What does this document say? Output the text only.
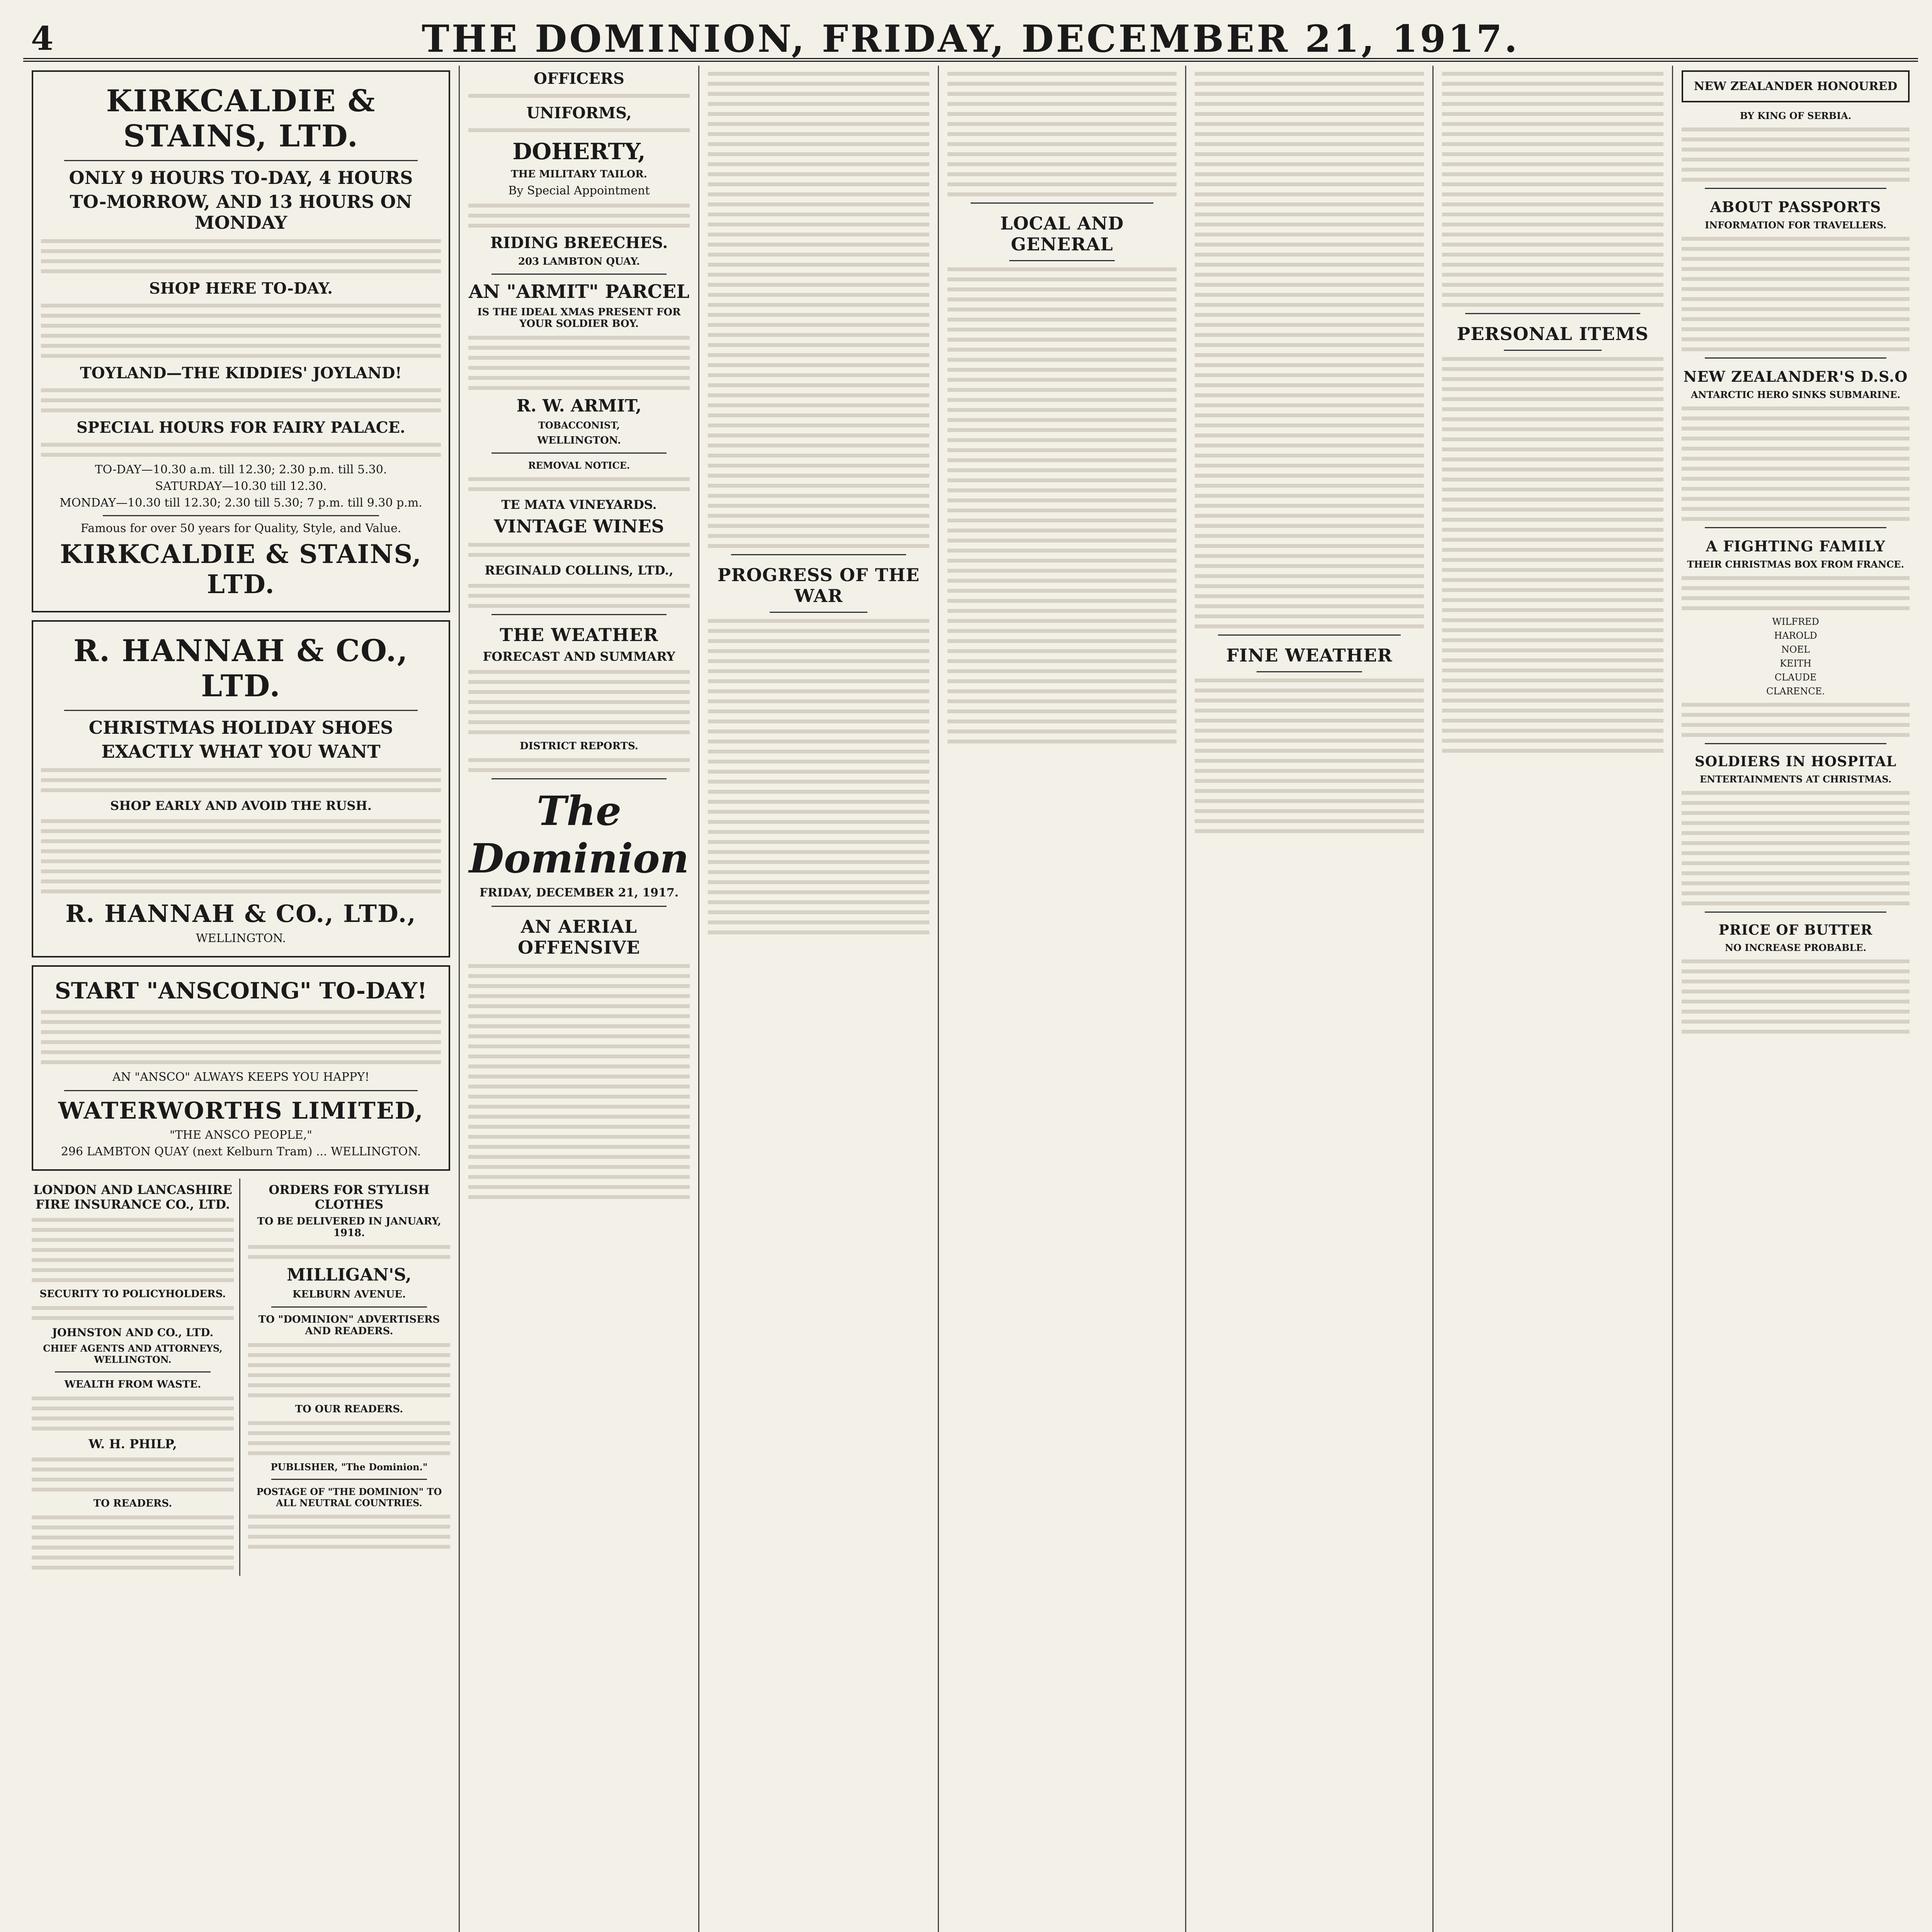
4	THE DOMINION, FRIDAY, DECEMBER 21, 1917.
KIRKCALDIE & STAINS, LTD.
ONLY 9 HOURS TO-DAY, 4 HOURS
TO-MORROW, AND 13 HOURS ON MONDAY
SHOP HERE TO-DAY.
TOYLAND—THE KIDDIES' JOYLAND!
SPECIAL HOURS FOR FAIRY PALACE.
TO-DAY—10.30 a.m. till 12.30; 2.30 p.m. till 5.30.
SATURDAY—10.30 till 12.30.
MONDAY—10.30 till 12.30; 2.30 till 5.30; 7 p.m. till 9.30 p.m.
Famous for over 50 years for Quality, Style, and Value.
KIRKCALDIE & STAINS, LTD.
R. HANNAH & CO., LTD.
CHRISTMAS HOLIDAY SHOES
EXACTLY WHAT YOU WANT
SHOP EARLY AND AVOID THE RUSH.
R. HANNAH & CO., LTD.,
WELLINGTON.
START "ANSCOING" TO-DAY!
AN "ANSCO" ALWAYS KEEPS YOU HAPPY!
WATERWORTHS LIMITED,
"THE ANSCO PEOPLE,"
296 LAMBTON QUAY (next Kelburn Tram) ... WELLINGTON.
LONDON AND LANCASHIRE FIRE INSURANCE CO., LTD.
SECURITY TO POLICYHOLDERS.
JOHNSTON AND CO., LTD.
CHIEF AGENTS AND ATTORNEYS, WELLINGTON.
WEALTH FROM WASTE.
W. H. PHILP,
TO READERS.
ORDERS FOR STYLISH CLOTHES
TO BE DELIVERED IN JANUARY, 1918.
MILLIGAN'S,
KELBURN AVENUE.
TO "DOMINION" ADVERTISERS AND READERS.
TO OUR READERS.
PUBLISHER, "The Dominion."
POSTAGE OF "THE DOMINION" TO ALL NEUTRAL COUNTRIES.
OFFICERS
UNIFORMS,
DOHERTY,
THE MILITARY TAILOR.
By Special Appointment
RIDING BREECHES.
203 LAMBTON QUAY.
AN "ARMIT" PARCEL
IS THE IDEAL XMAS PRESENT FOR YOUR SOLDIER BOY.
R. W. ARMIT,
TOBACCONIST,
WELLINGTON.
REMOVAL NOTICE.
TE MATA VINEYARDS.
VINTAGE WINES
REGINALD COLLINS, LTD.,
THE WEATHER
FORECAST AND SUMMARY
DISTRICT REPORTS.
The Dominion
FRIDAY, DECEMBER 21, 1917.
AN AERIAL OFFENSIVE
PROGRESS OF THE WAR
LOCAL AND GENERAL
FINE WEATHER
PERSONAL ITEMS
NEW ZEALANDER HONOURED
BY KING OF SERBIA.
ABOUT PASSPORTS
INFORMATION FOR TRAVELLERS.
NEW ZEALANDER'S D.S.O
ANTARCTIC HERO SINKS SUBMARINE.
A FIGHTING FAMILY
THEIR CHRISTMAS BOX FROM FRANCE.
WILFRED
HAROLD
NOEL
KEITH
CLAUDE
CLARENCE.
SOLDIERS IN HOSPITAL
ENTERTAINMENTS AT CHRISTMAS.
PRICE OF BUTTER
NO INCREASE PROBABLE.
